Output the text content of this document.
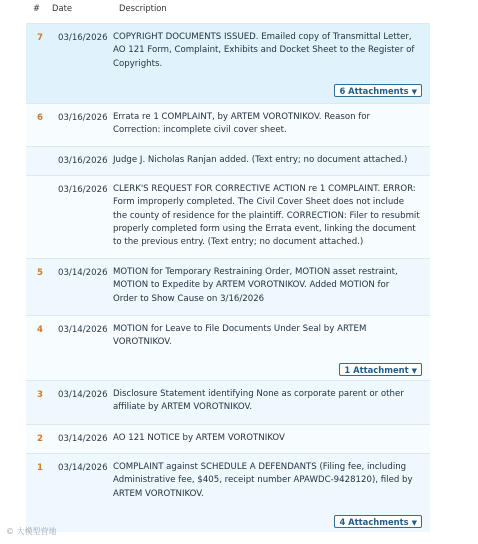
# Date	Description
7	03/16/2026 COPYRIGHT DOCUMENTS ISSUED. Emailed copy of Transmittal Letter,
AO 121 Form, Complaint, Exhibits and Docket Sheet to the Register of
Copyrights.
6 Attachments ▼
6	03/16/2026 Errata re 1 COMPLAINT, by ARTEM VOROTNIKOV. Reason for
Correction: incomplete civil cover sheet.
03/16/2026 Judge J. Nicholas Ranjan added. (Text entry; no document attached.)
03/16/2026 CLERK'S REQUEST FOR CORRECTIVE ACTION re 1 COMPLAINT. ERROR:
Form improperly completed. The Civil Cover Sheet does not include
the county of residence for the plaintiff. CORRECTION: Filer to resubmit
properly completed form using the Errata event, linking the document
to the previous entry. (Text entry; no document attached.)
5	03/14/2026 MOTION for Temporary Restraining Order, MOTION asset restraint,
MOTION to Expedite by ARTEM VOROTNIKOV. Added MOTION for
Order to Show Cause on 3/16/2026
4	03/14/2026 MOTION for Leave to File Documents Under Seal by ARTEM
VOROTNIKOV.
1 Attachment ▼
3	03/14/2026 Disclosure Statement identifying None as corporate parent or other
affiliate by ARTEM VOROTNIKOV.
2	03/14/2026 AO 121 NOTICE by ARTEM VOROTNIKOV
1	03/14/2026 COMPLAINT against SCHEDULE A DEFENDANTS (Filing fee, including
Administrative fee, $405, receipt number APAWDC-9428120), filed by
ARTEM VOROTNIKOV.
4 Attachments ▼
© 大模型营地
